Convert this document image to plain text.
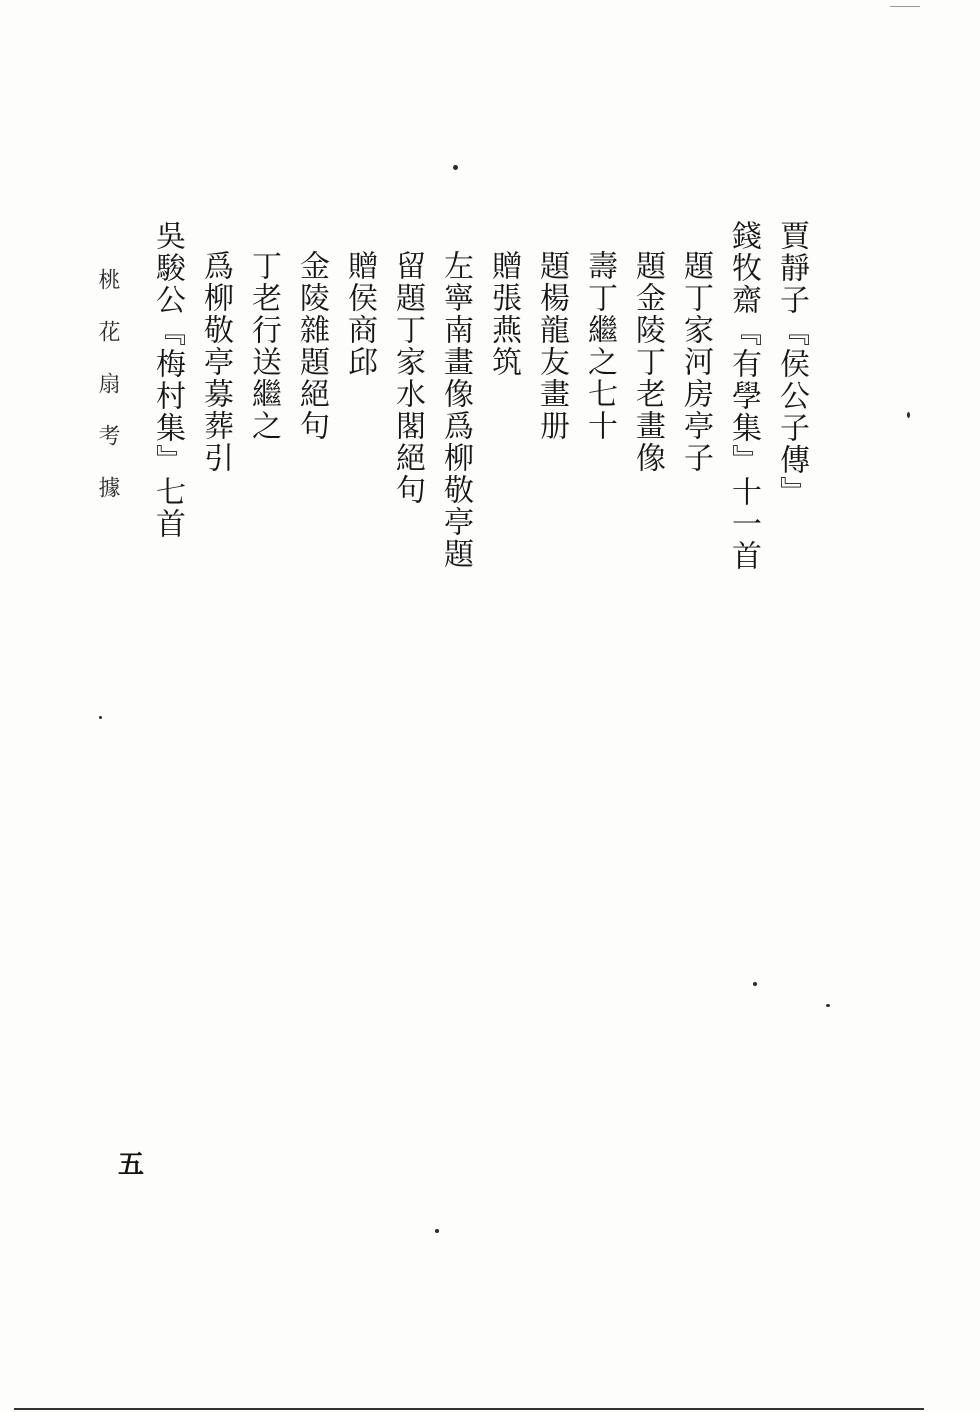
賈靜子『侯公子傳』
錢牧齋『有學集』十一首
題丁家河房亭子
題金陵丁老畫像
壽丁繼之七十
題楊龍友畫册
贈張燕筑
左寧南畫像爲柳敬亭題
留題丁家水閣絕句
贈侯商邱
金陵雜題絕句
丁老行送繼之
爲柳敬亭募葬引
吳駿公『梅村集』七首
桃花扇考據
五
